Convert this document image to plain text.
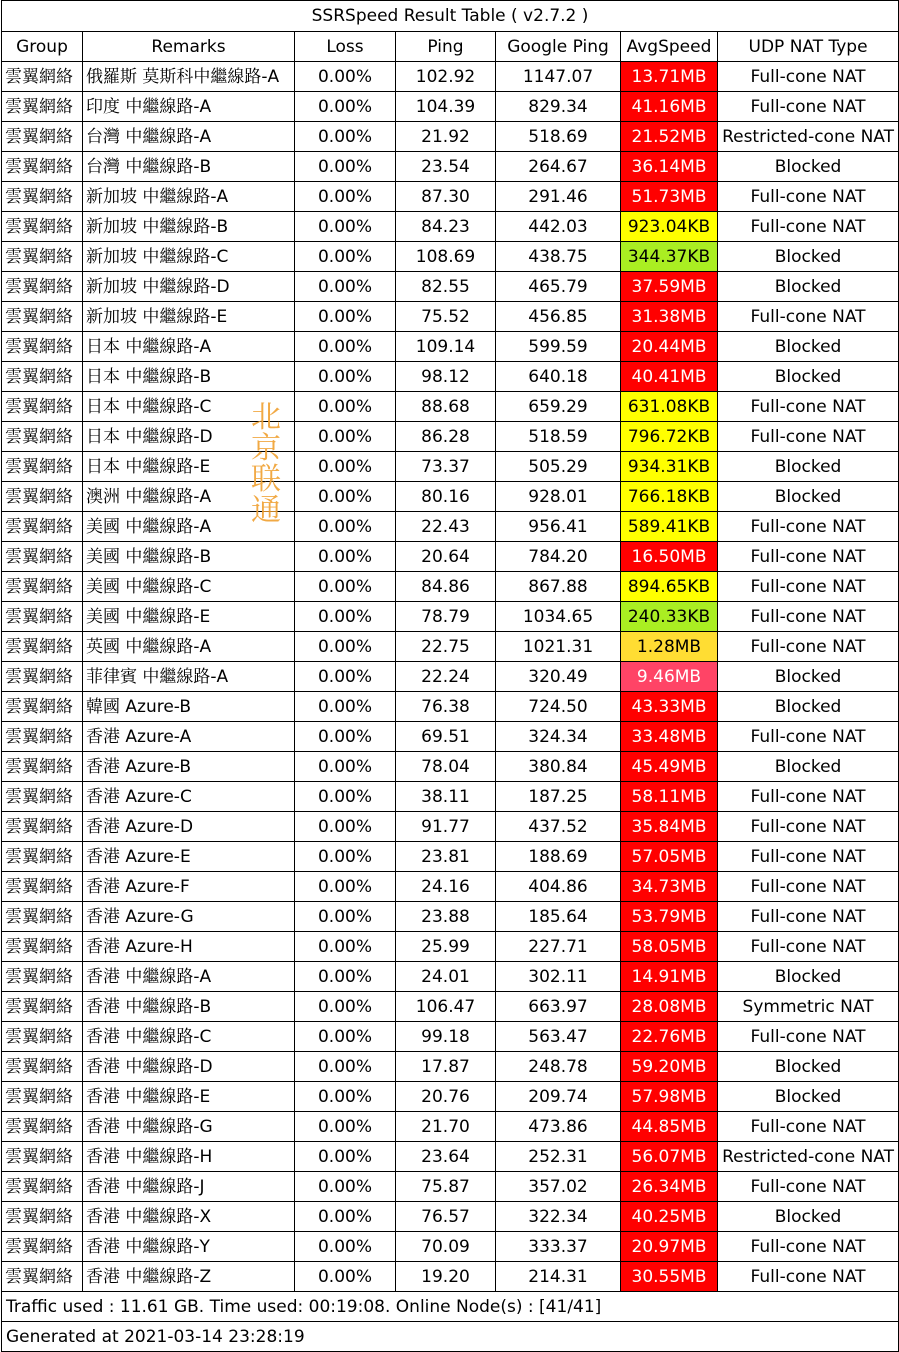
SSRSpeed Result Table ( v2.7.2 )						
Group	Remarks	Loss	Ping	Google Ping	AvgSpeed	UDP NAT Type
雲翼網絡	俄羅斯 莫斯科中繼線路-A	0.00%	102.92	1147.07	13.71MB	Full-cone NAT
雲翼網絡	印度 中繼線路-A	0.00%	104.39	829.34	41.16MB	Full-cone NAT
雲翼網絡	台灣 中繼線路-A	0.00%	21.92	518.69	21.52MB	Restricted-cone NAT
雲翼網絡	台灣 中繼線路-B	0.00%	23.54	264.67	36.14MB	Blocked
雲翼網絡	新加坡 中繼線路-A	0.00%	87.30	291.46	51.73MB	Full-cone NAT
雲翼網絡	新加坡 中繼線路-B	0.00%	84.23	442.03	923.04KB	Full-cone NAT
雲翼網絡	新加坡 中繼線路-C	0.00%	108.69	438.75	344.37KB	Blocked
雲翼網絡	新加坡 中繼線路-D	0.00%	82.55	465.79	37.59MB	Blocked
雲翼網絡	新加坡 中繼線路-E	0.00%	75.52	456.85	31.38MB	Full-cone NAT
雲翼網絡	日本 中繼線路-A	0.00%	109.14	599.59	20.44MB	Blocked
雲翼網絡	日本 中繼線路-B	0.00%	98.12	640.18	40.41MB	Blocked
雲翼網絡	日本 中繼線路-C	0.00%	88.68	659.29	631.08KB	Full-cone NAT
雲翼網絡	日本 中繼線路-D	0.00%	86.28	518.59	796.72KB	Full-cone NAT
雲翼網絡	日本 中繼線路-E	0.00%	73.37	505.29	934.31KB	Blocked
雲翼網絡	澳洲 中繼線路-A	0.00%	80.16	928.01	766.18KB	Blocked
雲翼網絡	美國 中繼線路-A	0.00%	22.43	956.41	589.41KB	Full-cone NAT
雲翼網絡	美國 中繼線路-B	0.00%	20.64	784.20	16.50MB	Full-cone NAT
雲翼網絡	美國 中繼線路-C	0.00%	84.86	867.88	894.65KB	Full-cone NAT
雲翼網絡	美國 中繼線路-E	0.00%	78.79	1034.65	240.33KB	Full-cone NAT
雲翼網絡	英國 中繼線路-A	0.00%	22.75	1021.31	1.28MB	Full-cone NAT
雲翼網絡	菲律賓 中繼線路-A	0.00%	22.24	320.49	9.46MB	Blocked
雲翼網絡	韓國 Azure-B	0.00%	76.38	724.50	43.33MB	Blocked
雲翼網絡	香港 Azure-A	0.00%	69.51	324.34	33.48MB	Full-cone NAT
雲翼網絡	香港 Azure-B	0.00%	78.04	380.84	45.49MB	Blocked
雲翼網絡	香港 Azure-C	0.00%	38.11	187.25	58.11MB	Full-cone NAT
雲翼網絡	香港 Azure-D	0.00%	91.77	437.52	35.84MB	Full-cone NAT
雲翼網絡	香港 Azure-E	0.00%	23.81	188.69	57.05MB	Full-cone NAT
雲翼網絡	香港 Azure-F	0.00%	24.16	404.86	34.73MB	Full-cone NAT
雲翼網絡	香港 Azure-G	0.00%	23.88	185.64	53.79MB	Full-cone NAT
雲翼網絡	香港 Azure-H	0.00%	25.99	227.71	58.05MB	Full-cone NAT
雲翼網絡	香港 中繼線路-A	0.00%	24.01	302.11	14.91MB	Blocked
雲翼網絡	香港 中繼線路-B	0.00%	106.47	663.97	28.08MB	Symmetric NAT
雲翼網絡	香港 中繼線路-C	0.00%	99.18	563.47	22.76MB	Full-cone NAT
雲翼網絡	香港 中繼線路-D	0.00%	17.87	248.78	59.20MB	Blocked
雲翼網絡	香港 中繼線路-E	0.00%	20.76	209.74	57.98MB	Blocked
雲翼網絡	香港 中繼線路-G	0.00%	21.70	473.86	44.85MB	Full-cone NAT
雲翼網絡	香港 中繼線路-H	0.00%	23.64	252.31	56.07MB	Restricted-cone NAT
雲翼網絡	香港 中繼線路-J	0.00%	75.87	357.02	26.34MB	Full-cone NAT
雲翼網絡	香港 中繼線路-X	0.00%	76.57	322.34	40.25MB	Blocked
雲翼網絡	香港 中繼線路-Y	0.00%	70.09	333.37	20.97MB	Full-cone NAT
雲翼網絡	香港 中繼線路-Z	0.00%	19.20	214.31	30.55MB	Full-cone NAT
Traffic used : 11.61 GB. Time used: 00:19:08. Online Node(s) : [41/41]						
Generated at 2021-03-14 23:28:19						
北
京
联
通
